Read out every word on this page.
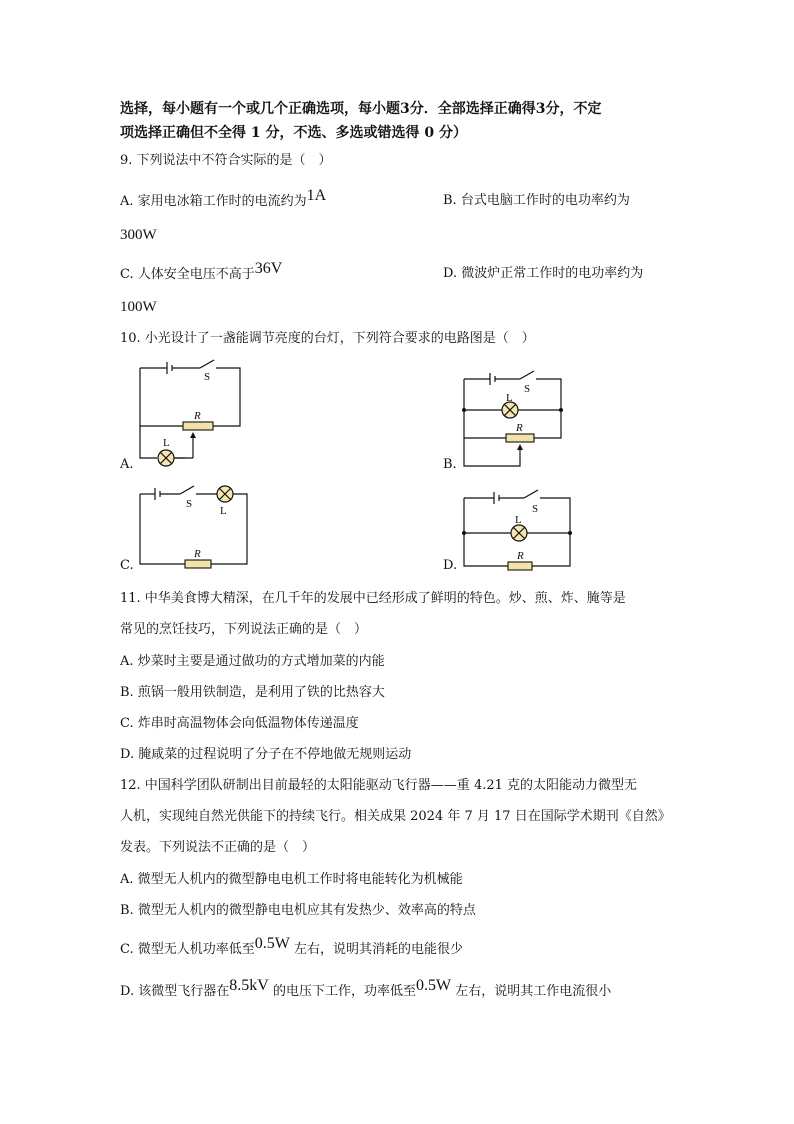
选择，每小题有一个或几个正确选项，每小题3分．全部选择正确得3分，不定
项选择正确但不全得 1 分，不选、多选或错选得 0 分）
9. 下列说法中不符合实际的是（　）
A. 家用电冰箱工作时的电流约为1A	B. 台式电脑工作时的电功率约为
300W
C. 人体安全电压不高于36V	D. 微波炉正常工作时的电功率约为
100W
10. 小光设计了一盏能调节亮度的台灯，下列符合要求的电路图是（　）
A.
S
R
L
B.
S
L
R
C.
S
L
R
D.
S
L
R
11. 中华美食博大精深，在几千年的发展中已经形成了鲜明的特色。炒、煎、炸、腌等是
常见的烹饪技巧，下列说法正确的是（　）
A. 炒菜时主要是通过做功的方式增加菜的内能
B. 煎锅一般用铁制造，是利用了铁的比热容大
C. 炸串时高温物体会向低温物体传递温度
D. 腌咸菜的过程说明了分子在不停地做无规则运动
12. 中国科学团队研制出目前最轻的太阳能驱动飞行器——重 4.21 克的太阳能动力微型无
人机，实现纯自然光供能下的持续飞行。相关成果 2024 年 7 月 17 日在国际学术期刊《自然》
发表。下列说法不正确的是（　）
A. 微型无人机内的微型静电电机工作时将电能转化为机械能
B. 微型无人机内的微型静电电机应其有发热少、效率高的特点
C. 微型无人机功率低至0.5W 左右，说明其消耗的电能很少
D. 该微型飞行器在8.5kV 的电压下工作，功率低至0.5W 左右，说明其工作电流很小
